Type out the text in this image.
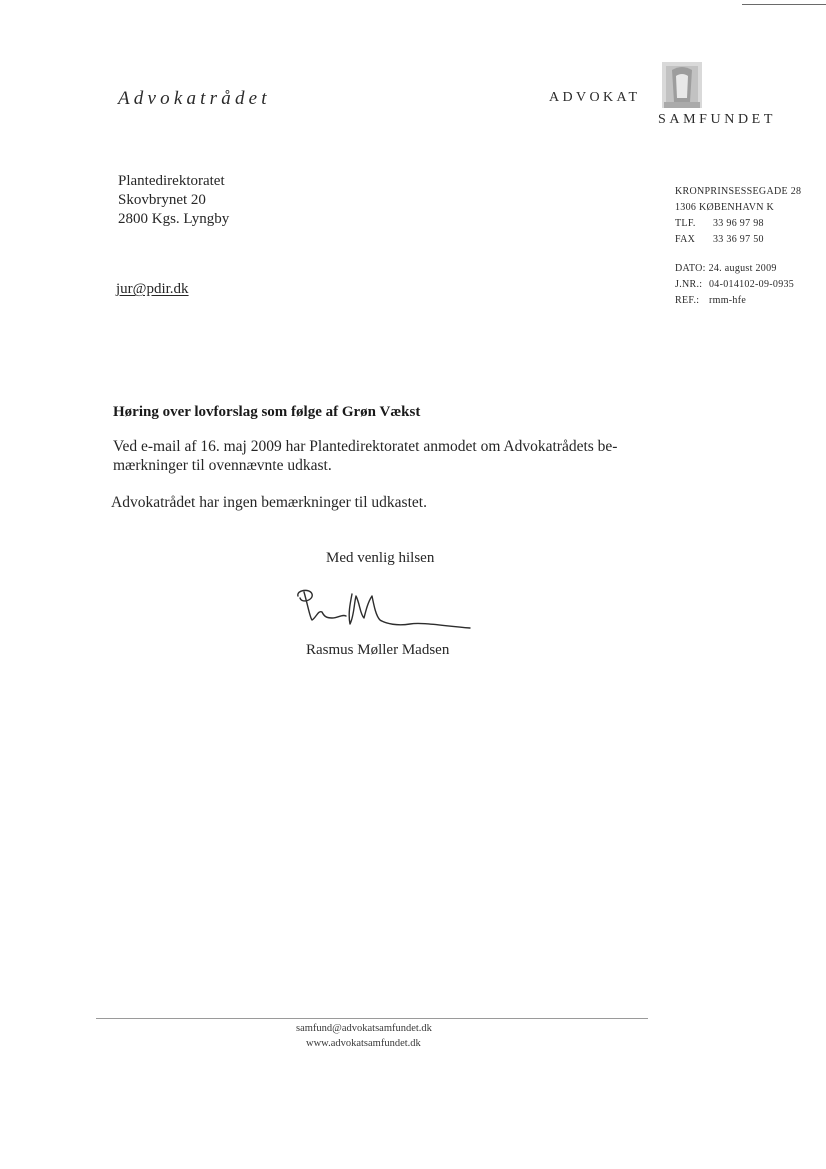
Advokatrådet	ADVOKAT
SAMFUNDET
Plantedirektoratet
Skovbrynet 20
2800 Kgs. Lyngby
jur@pdir.dk
KRONPRINSESSEGADE 28
1306 KØBENHAVN K
TLF. 33 96 97 98
FAX 33 36 97 50
DATO: 24. august 2009
J.NR.: 04-014102-09-0935
REF.: rmm-hfe
Høring over lovforslag som følge af Grøn Vækst
Ved e-mail af 16. maj 2009 har Plantedirektoratet anmodet om Advokatrådets be-
mærkninger til ovennævnte udkast.
Advokatrådet har ingen bemærkninger til udkastet.
Med venlig hilsen
Rasmus Møller Madsen
samfund@advokatsamfundet.dk
www.advokatsamfundet.dk
